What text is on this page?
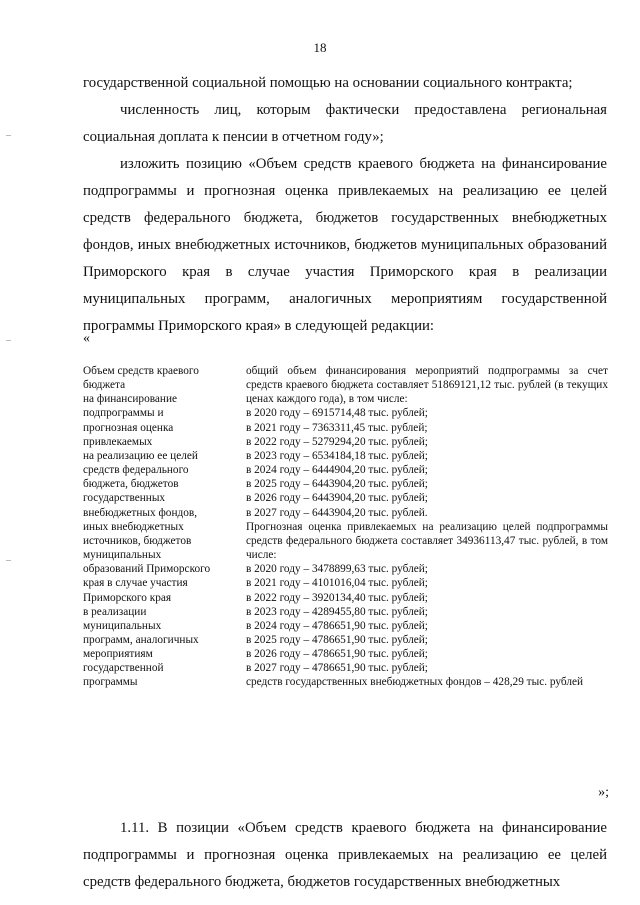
18

государственной социальной помощью на основании социального контракта;

численность лиц, которым фактически предоставлена региональная социальная доплата к пенсии в отчетном году»;

изложить позицию «Объем средств краевого бюджета на финансирование подпрограммы и прогнозная оценка привлекаемых на реализацию ее целей средств федерального бюджета, бюджетов государственных внебюджетных фондов, иных внебюджетных источников, бюджетов муниципальных образований Приморского края в случае участия Приморского края в реализации муниципальных программ, аналогичных мероприятиям государственной программы Приморского края» в следующей редакции:

«
Объем средств краевого
бюджета
на финансирование
подпрограммы и
прогнозная оценка
привлекаемых
на реализацию ее целей
средств федерального
бюджета, бюджетов
государственных
внебюджетных фондов,
иных внебюджетных
источников, бюджетов
муниципальных
образований Приморского
края в случае участия
Приморского края
в реализации
муниципальных
программ, аналогичных
мероприятиям
государственной
программы
общий объем финансирования мероприятий подпрограммы за счет средств краевого бюджета составляет 51869121,12 тыс. рублей (в текущих ценах каждого года), в том числе:
в 2020 году – 6915714,48 тыс. рублей;
в 2021 году – 7363311,45 тыс. рублей;
в 2022 году – 5279294,20 тыс. рублей;
в 2023 году – 6534184,18 тыс. рублей;
в 2024 году – 6444904,20 тыс. рублей;
в 2025 году – 6443904,20 тыс. рублей;
в 2026 году – 6443904,20 тыс. рублей;
в 2027 году – 6443904,20 тыс. рублей.
Прогнозная оценка привлекаемых на реализацию целей подпрограммы средств федерального бюджета составляет 34936113,47 тыс. рублей, в том числе:
в 2020 году – 3478899,63 тыс. рублей;
в 2021 году – 4101016,04 тыс. рублей;
в 2022 году – 3920134,40 тыс. рублей;
в 2023 году – 4289455,80 тыс. рублей;
в 2024 году – 4786651,90 тыс. рублей;
в 2025 году – 4786651,90 тыс. рублей;
в 2026 году – 4786651,90 тыс. рублей;
в 2027 году – 4786651,90 тыс. рублей;
средств государственных внебюджетных фондов – 428,29 тыс. рублей
»;

1.11. В позиции «Объем средств краевого бюджета на финансирование подпрограммы и прогнозная оценка привлекаемых на реализацию ее целей средств федерального бюджета, бюджетов государственных внебюджетных
